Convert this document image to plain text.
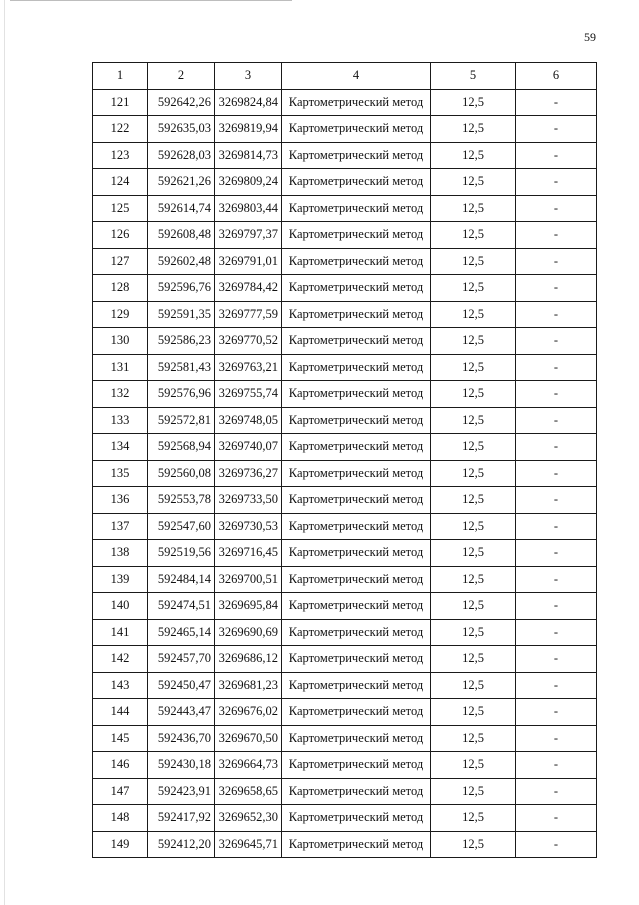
59
1	2	3	4	5	6
121	592642,26	3269824,84	Картометрический метод	12,5	-
122	592635,03	3269819,94	Картометрический метод	12,5	-
123	592628,03	3269814,73	Картометрический метод	12,5	-
124	592621,26	3269809,24	Картометрический метод	12,5	-
125	592614,74	3269803,44	Картометрический метод	12,5	-
126	592608,48	3269797,37	Картометрический метод	12,5	-
127	592602,48	3269791,01	Картометрический метод	12,5	-
128	592596,76	3269784,42	Картометрический метод	12,5	-
129	592591,35	3269777,59	Картометрический метод	12,5	-
130	592586,23	3269770,52	Картометрический метод	12,5	-
131	592581,43	3269763,21	Картометрический метод	12,5	-
132	592576,96	3269755,74	Картометрический метод	12,5	-
133	592572,81	3269748,05	Картометрический метод	12,5	-
134	592568,94	3269740,07	Картометрический метод	12,5	-
135	592560,08	3269736,27	Картометрический метод	12,5	-
136	592553,78	3269733,50	Картометрический метод	12,5	-
137	592547,60	3269730,53	Картометрический метод	12,5	-
138	592519,56	3269716,45	Картометрический метод	12,5	-
139	592484,14	3269700,51	Картометрический метод	12,5	-
140	592474,51	3269695,84	Картометрический метод	12,5	-
141	592465,14	3269690,69	Картометрический метод	12,5	-
142	592457,70	3269686,12	Картометрический метод	12,5	-
143	592450,47	3269681,23	Картометрический метод	12,5	-
144	592443,47	3269676,02	Картометрический метод	12,5	-
145	592436,70	3269670,50	Картометрический метод	12,5	-
146	592430,18	3269664,73	Картометрический метод	12,5	-
147	592423,91	3269658,65	Картометрический метод	12,5	-
148	592417,92	3269652,30	Картометрический метод	12,5	-
149	592412,20	3269645,71	Картометрический метод	12,5	-
